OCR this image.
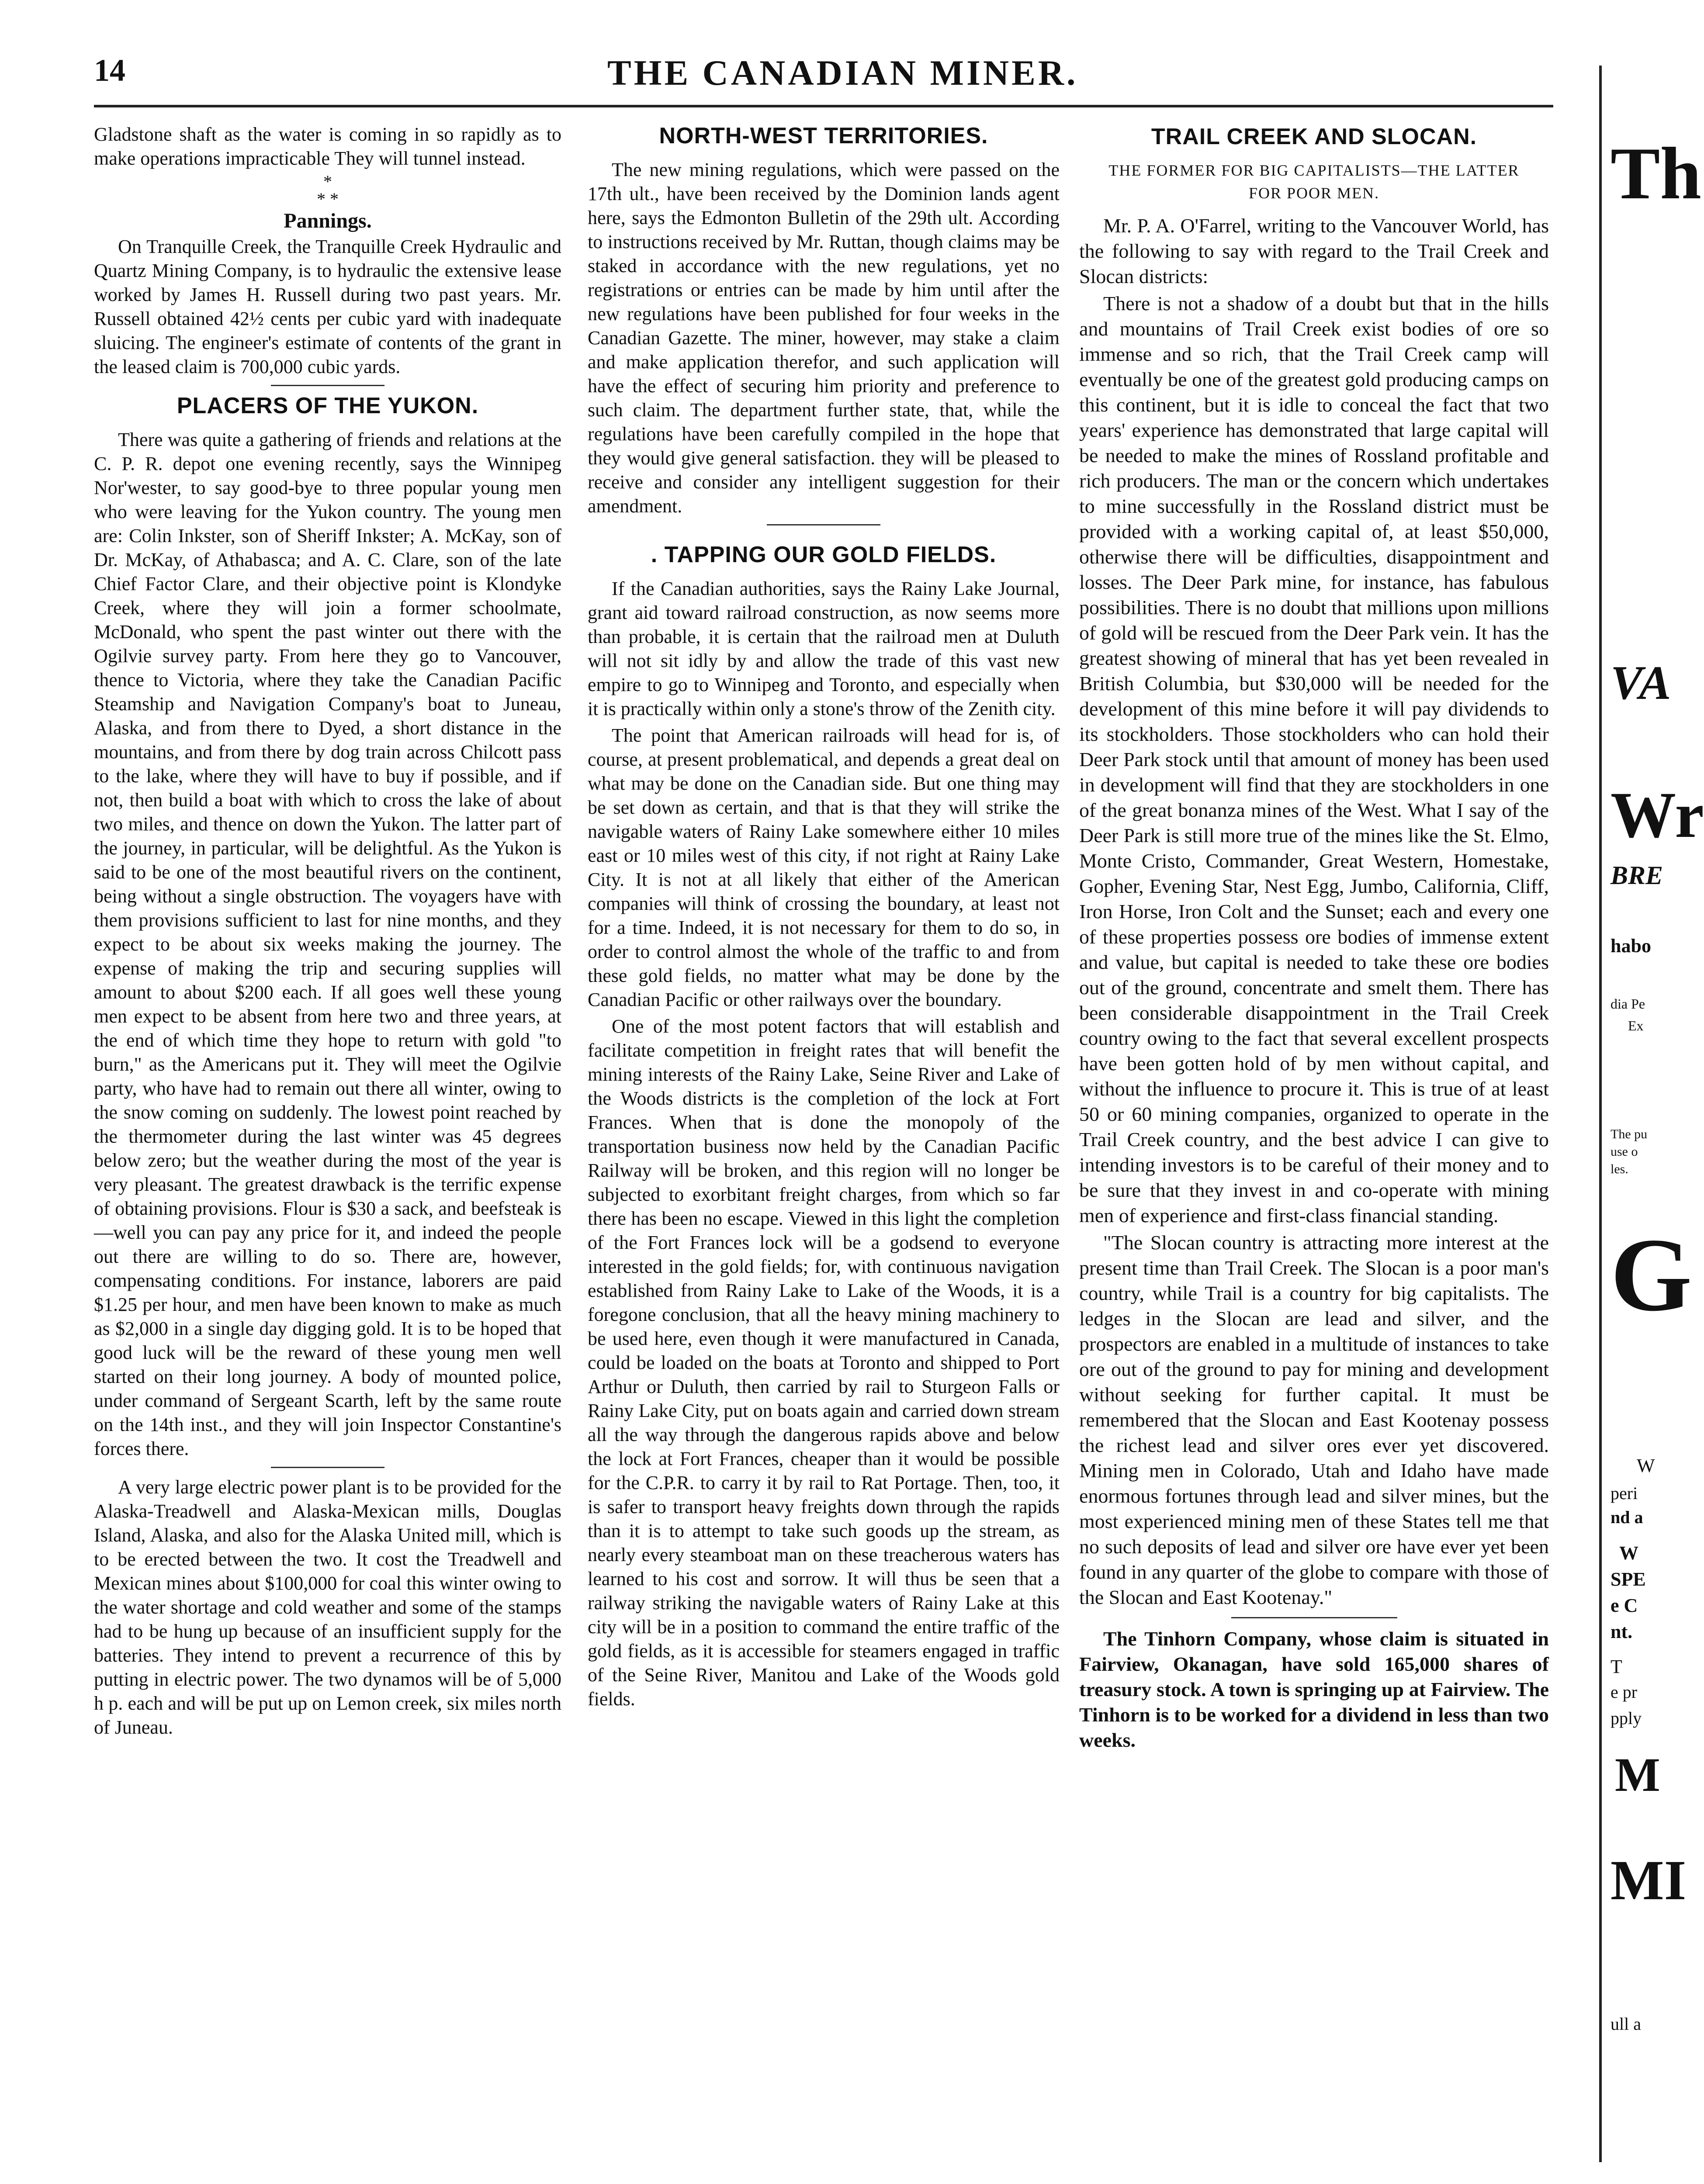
14	THE CANADIAN MINER.

Gladstone shaft as the water is coming in so rapidly as to make operations impracticable They will tunnel instead.

*
* *
Pannings.

On Tranquille Creek, the Tranquille Creek Hydraulic and Quartz Mining Company, is to hydraulic the extensive lease worked by James H. Russell during two past years. Mr. Russell obtained 42½ cents per cubic yard with inadequate sluicing. The engineer's estimate of contents of the grant in the leased claim is 700,000 cubic yards.

PLACERS OF THE YUKON.

There was quite a gathering of friends and relations at the C. P. R. depot one evening recently, says the Winnipeg Nor'wester, to say good-bye to three popular young men who were leaving for the Yukon country. The young men are: Colin Inkster, son of Sheriff Inkster; A. McKay, son of Dr. McKay, of Athabasca; and A. C. Clare, son of the late Chief Factor Clare, and their objective point is Klondyke Creek, where they will join a former schoolmate, McDonald, who spent the past winter out there with the Ogilvie survey party. From here they go to Vancouver, thence to Victoria, where they take the Canadian Pacific Steamship and Navigation Company's boat to Juneau, Alaska, and from there to Dyed, a short distance in the mountains, and from there by dog train across Chilcott pass to the lake, where they will have to buy if possible, and if not, then build a boat with which to cross the lake of about two miles, and thence on down the Yukon. The latter part of the journey, in particular, will be delightful. As the Yukon is said to be one of the most beautiful rivers on the continent, being without a single obstruction. The voyagers have with them provisions sufficient to last for nine months, and they expect to be about six weeks making the journey. The expense of making the trip and securing supplies will amount to about $200 each. If all goes well these young men expect to be absent from here two and three years, at the end of which time they hope to return with gold "to burn," as the Americans put it. They will meet the Ogilvie party, who have had to remain out there all winter, owing to the snow coming on suddenly. The lowest point reached by the thermometer during the last winter was 45 degrees below zero; but the weather during the most of the year is very pleasant. The greatest drawback is the terrific expense of obtaining provisions. Flour is $30 a sack, and beefsteak is—well you can pay any price for it, and indeed the people out there are willing to do so. There are, however, compensating conditions. For instance, laborers are paid $1.25 per hour, and men have been known to make as much as $2,000 in a single day digging gold. It is to be hoped that good luck will be the reward of these young men well started on their long journey. A body of mounted police, under command of Sergeant Scarth, left by the same route on the 14th inst., and they will join Inspector Constantine's forces there.

A very large electric power plant is to be provided for the Alaska-Treadwell and Alaska-Mexican mills, Douglas Island, Alaska, and also for the Alaska United mill, which is to be erected between the two. It cost the Treadwell and Mexican mines about $100,000 for coal this winter owing to the water shortage and cold weather and some of the stamps had to be hung up because of an insufficient supply for the batteries. They intend to prevent a recurrence of this by putting in electric power. The two dynamos will be of 5,000 h p. each and will be put up on Lemon creek, six miles north of Juneau.

NORTH-WEST TERRITORIES.

The new mining regulations, which were passed on the 17th ult., have been received by the Dominion lands agent here, says the Edmonton Bulletin of the 29th ult. According to instructions received by Mr. Ruttan, though claims may be staked in accordance with the new regulations, yet no registrations or entries can be made by him until after the new regulations have been published for four weeks in the Canadian Gazette. The miner, however, may stake a claim and make application therefor, and such application will have the effect of securing him priority and preference to such claim. The department further state, that, while the regulations have been carefully compiled in the hope that they would give general satisfaction. they will be pleased to receive and consider any intelligent suggestion for their amendment.

. TAPPING OUR GOLD FIELDS.

If the Canadian authorities, says the Rainy Lake Journal, grant aid toward railroad construction, as now seems more than probable, it is certain that the railroad men at Duluth will not sit idly by and allow the trade of this vast new empire to go to Winnipeg and Toronto, and especially when it is practically within only a stone's throw of the Zenith city.

The point that American railroads will head for is, of course, at present problematical, and depends a great deal on what may be done on the Canadian side. But one thing may be set down as certain, and that is that they will strike the navigable waters of Rainy Lake somewhere either 10 miles east or 10 miles west of this city, if not right at Rainy Lake City. It is not at all likely that either of the American companies will think of crossing the boundary, at least not for a time. Indeed, it is not necessary for them to do so, in order to control almost the whole of the traffic to and from these gold fields, no matter what may be done by the Canadian Pacific or other railways over the boundary.

One of the most potent factors that will establish and facilitate competition in freight rates that will benefit the mining interests of the Rainy Lake, Seine River and Lake of the Woods districts is the completion of the lock at Fort Frances. When that is done the monopoly of the transportation business now held by the Canadian Pacific Railway will be broken, and this region will no longer be subjected to exorbitant freight charges, from which so far there has been no escape. Viewed in this light the completion of the Fort Frances lock will be a godsend to everyone interested in the gold fields; for, with continuous navigation established from Rainy Lake to Lake of the Woods, it is a foregone conclusion, that all the heavy mining machinery to be used here, even though it were manufactured in Canada, could be loaded on the boats at Toronto and shipped to Port Arthur or Duluth, then carried by rail to Sturgeon Falls or Rainy Lake City, put on boats again and carried down stream all the way through the dangerous rapids above and below the lock at Fort Frances, cheaper than it would be possible for the C.P.R. to carry it by rail to Rat Portage. Then, too, it is safer to transport heavy freights down through the rapids than it is to attempt to take such goods up the stream, as nearly every steamboat man on these treacherous waters has learned to his cost and sorrow. It will thus be seen that a railway striking the navigable waters of Rainy Lake at this city will be in a position to command the entire traffic of the gold fields, as it is accessible for steamers engaged in traffic of the Seine River, Manitou and Lake of the Woods gold fields.

TRAIL CREEK AND SLOCAN.
THE FORMER FOR BIG CAPITALISTS—THE LATTER FOR POOR MEN.

Mr. P. A. O'Farrel, writing to the Vancouver World, has the following to say with regard to the Trail Creek and Slocan districts:

There is not a shadow of a doubt but that in the hills and mountains of Trail Creek exist bodies of ore so immense and so rich, that the Trail Creek camp will eventually be one of the greatest gold producing camps on this continent, but it is idle to conceal the fact that two years' experience has demonstrated that large capital will be needed to make the mines of Rossland profitable and rich producers. The man or the concern which undertakes to mine successfully in the Rossland district must be provided with a working capital of, at least $50,000, otherwise there will be difficulties, disappointment and losses. The Deer Park mine, for instance, has fabulous possibilities. There is no doubt that millions upon millions of gold will be rescued from the Deer Park vein. It has the greatest showing of mineral that has yet been revealed in British Columbia, but $30,000 will be needed for the development of this mine before it will pay dividends to its stockholders. Those stockholders who can hold their Deer Park stock until that amount of money has been used in development will find that they are stockholders in one of the great bonanza mines of the West. What I say of the Deer Park is still more true of the mines like the St. Elmo, Monte Cristo, Commander, Great Western, Homestake, Gopher, Evening Star, Nest Egg, Jumbo, California, Cliff, Iron Horse, Iron Colt and the Sunset; each and every one of these properties possess ore bodies of immense extent and value, but capital is needed to take these ore bodies out of the ground, concentrate and smelt them. There has been considerable disappointment in the Trail Creek country owing to the fact that several excellent prospects have been gotten hold of by men without capital, and without the influence to procure it. This is true of at least 50 or 60 mining companies, organized to operate in the Trail Creek country, and the best advice I can give to intending investors is to be careful of their money and to be sure that they invest in and co-operate with mining men of experience and first-class financial standing.

"The Slocan country is attracting more interest at the present time than Trail Creek. The Slocan is a poor man's country, while Trail is a country for big capitalists. The ledges in the Slocan are lead and silver, and the prospectors are enabled in a multitude of instances to take ore out of the ground to pay for mining and development without seeking for further capital. It must be remembered that the Slocan and East Kootenay possess the richest lead and silver ores ever yet discovered. Mining men in Colorado, Utah and Idaho have made enormous fortunes through lead and silver mines, but the most experienced mining men of these States tell me that no such deposits of lead and silver ore have ever yet been found in any quarter of the globe to compare with those of the Slocan and East Kootenay."

The Tinhorn Company, whose claim is situated in Fairview, Okanagan, have sold 165,000 shares of treasury stock. A town is springing up at Fairview. The Tinhorn is to be worked for a dividend in less than two weeks.

Th
VA
Wr
BRE
habo
dia Pe
Ex
The pu
use o
les.
G
W
peri
nd a
W
SPE
e C
nt.
T
e pr
pply
M
MI
ull a
